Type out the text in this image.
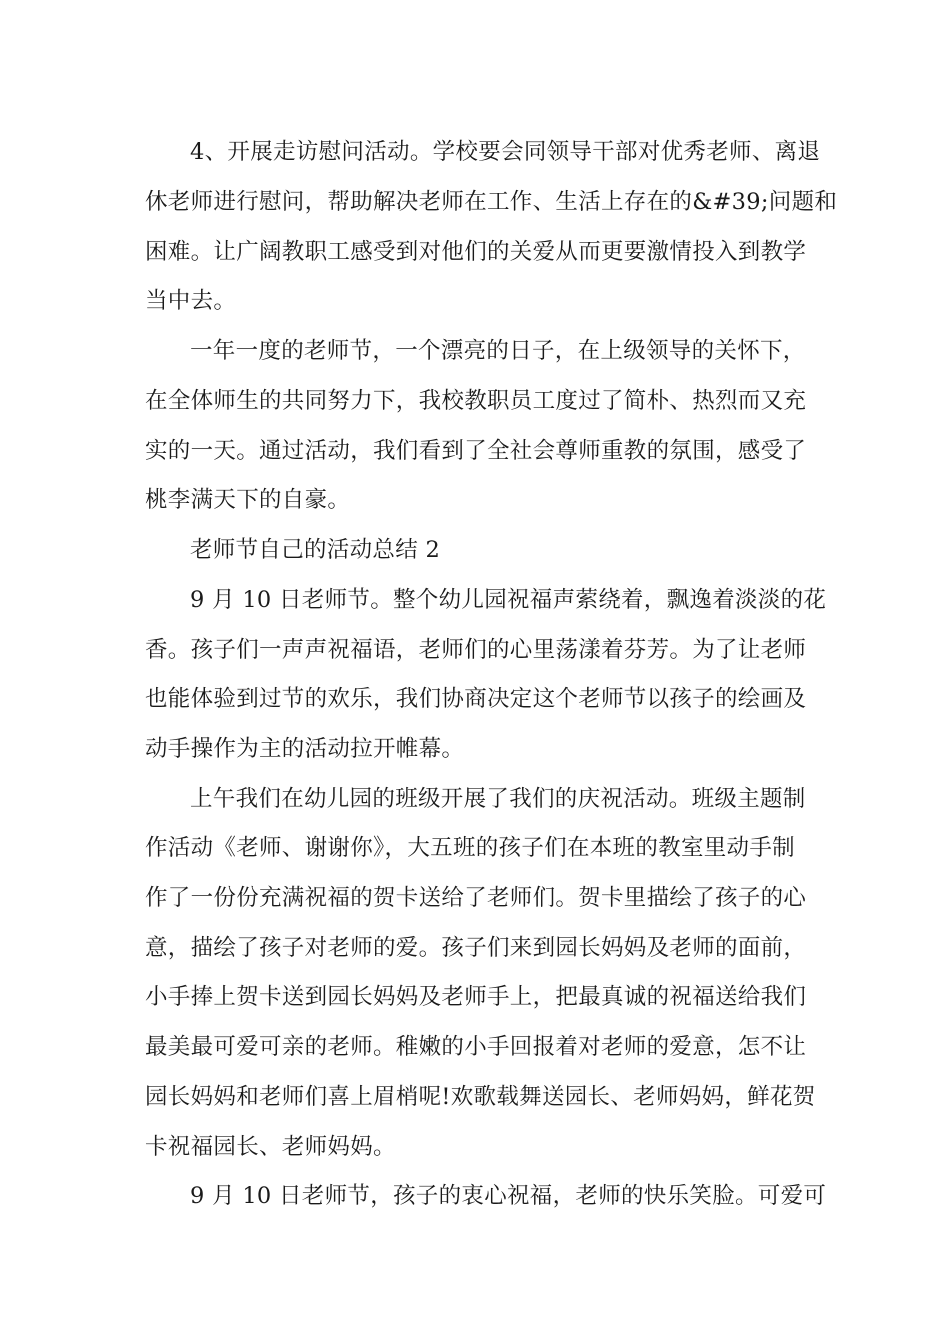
4、开展走访慰问活动。学校要会同领导干部对优秀老师、离退
休老师进行慰问，帮助解决老师在工作、生活上存在的&#39;问题和
困难。让广阔教职工感受到对他们的关爱从而更要激情投入到教学
当中去。
一年一度的老师节，一个漂亮的日子，在上级领导的关怀下，
在全体师生的共同努力下，我校教职员工度过了简朴、热烈而又充
实的一天。通过活动，我们看到了全社会尊师重教的氛围，感受了
桃李满天下的自豪。
老师节自己的活动总结 2
9 月 10 日老师节。整个幼儿园祝福声萦绕着，飘逸着淡淡的花
香。孩子们一声声祝福语，老师们的心里荡漾着芬芳。为了让老师
也能体验到过节的欢乐，我们协商决定这个老师节以孩子的绘画及
动手操作为主的活动拉开帷幕。
上午我们在幼儿园的班级开展了我们的庆祝活动。班级主题制
作活动《老师、谢谢你》，大五班的孩子们在本班的教室里动手制
作了一份份充满祝福的贺卡送给了老师们。贺卡里描绘了孩子的心
意，描绘了孩子对老师的爱。孩子们来到园长妈妈及老师的面前，
小手捧上贺卡送到园长妈妈及老师手上，把最真诚的祝福送给我们
最美最可爱可亲的老师。稚嫩的小手回报着对老师的爱意，怎不让
园长妈妈和老师们喜上眉梢呢!欢歌载舞送园长、老师妈妈，鲜花贺
卡祝福园长、老师妈妈。
9 月 10 日老师节，孩子的衷心祝福，老师的快乐笑脸。可爱可
